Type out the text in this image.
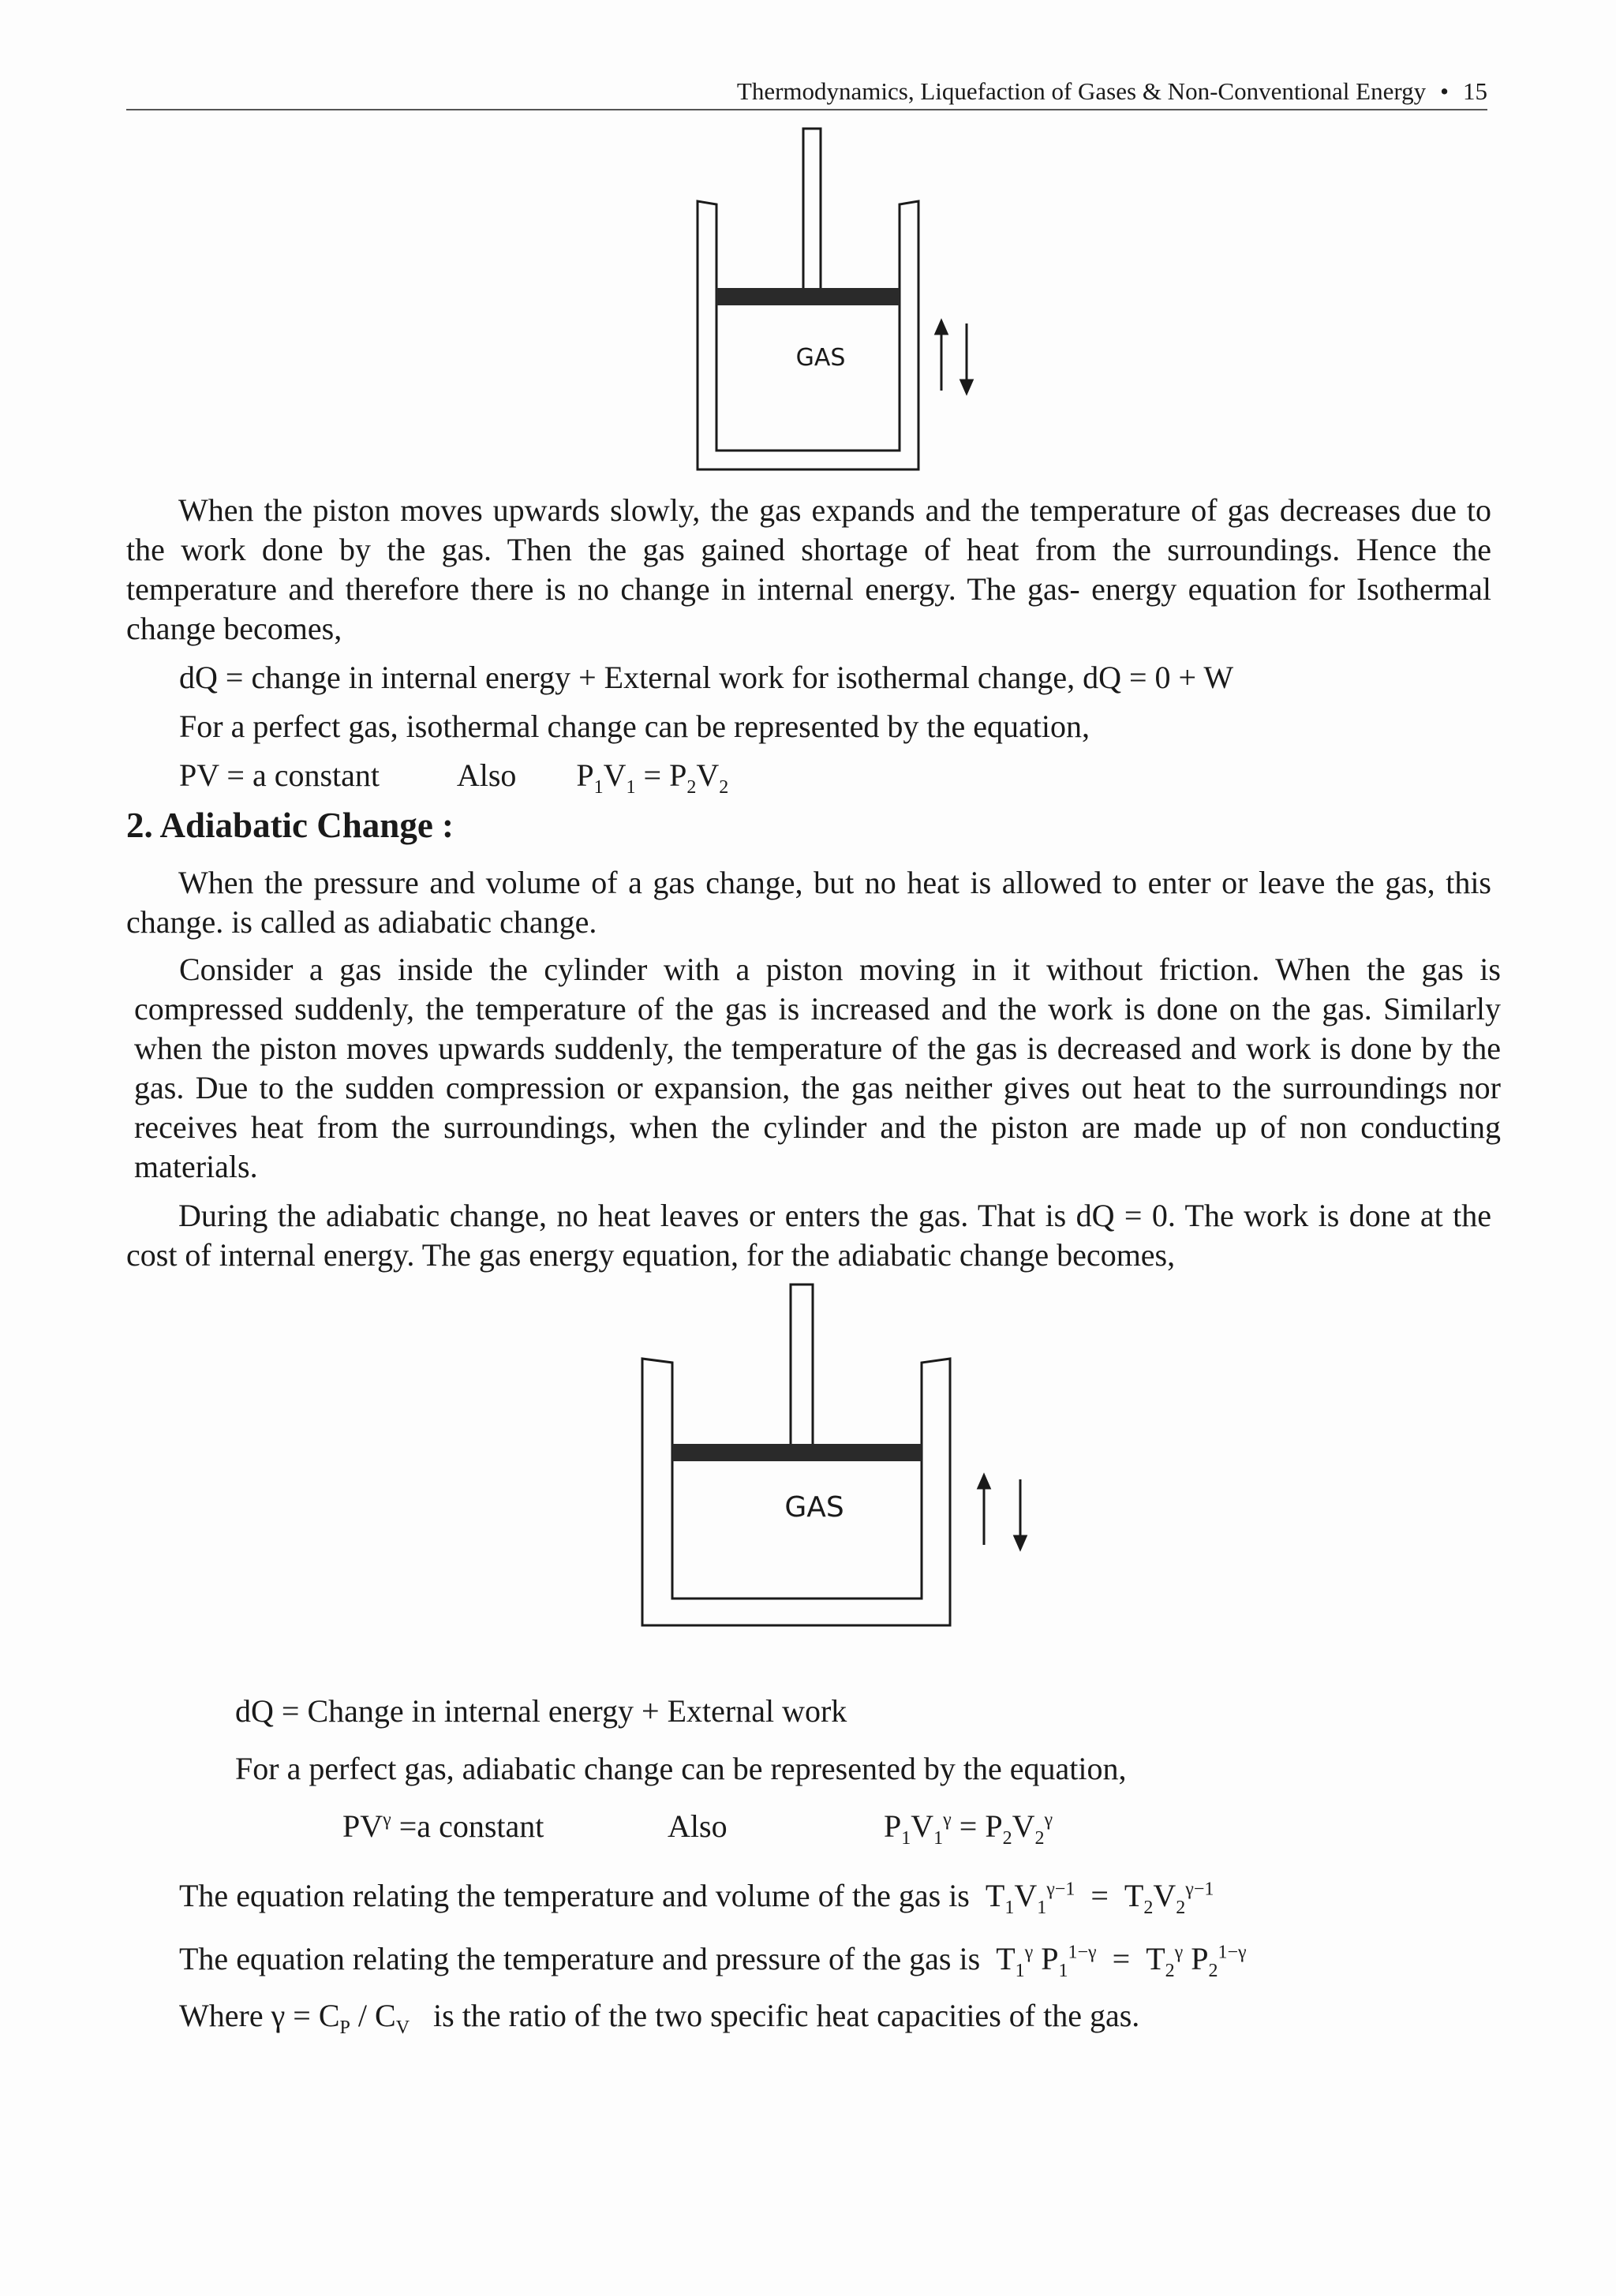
Thermodynamics, Liquefaction of Gases & Non-Conventional Energy • 15
GAS
When the piston moves upwards slowly, the gas expands and the temperature of gas decreases due to the work done by the gas. Then the gas gained shortage of heat from the surroundings. Hence the temperature and therefore there is no change in internal energy. The gas- energy equation for Isothermal change becomes,
dQ = change in internal energy + External work for isothermal change, dQ = 0 + W
For a perfect gas, isothermal change can be represented by the equation,
PV = a constant Also $P_1V_1 = P_2V_2$
2. Adiabatic Change :
When the pressure and volume of a gas change, but no heat is allowed to enter or leave the gas, this change. is called as adiabatic change.
Consider a gas inside the cylinder with a piston moving in it without friction. When the gas is compressed suddenly, the temperature of the gas is increased and the work is done on the gas. Similarly when the piston moves upwards suddenly, the temperature of the gas is decreased and work is done by the gas. Due to the sudden compression or expansion, the gas neither gives out heat to the surroundings nor receives heat from the surroundings, when the cylinder and the piston are made up of non conducting materials.
During the adiabatic change, no heat leaves or enters the gas. That is dQ = 0. The work is done at the cost of internal energy. The gas energy equation, for the adiabatic change becomes,
GAS
dQ = Change in internal energy + External work
For a perfect gas, adiabatic change can be represented by the equation,
$PV^\gamma =a$ constant	Also	$P_1V_1^\gamma = P_2V_2^\gamma$
The equation relating the temperature and volume of the gas is $T_1V_1^{\gamma-1} = T_2V_2^{\gamma-1}$
The equation relating the temperature and pressure of the gas is $T_1^\gamma$ $P_1^{1-\gamma} = T_2^\gamma$ $P_2^{1-\gamma}$
Where $\gamma = C_P / C_V$ is the ratio of the two specific heat capacities of the gas.
